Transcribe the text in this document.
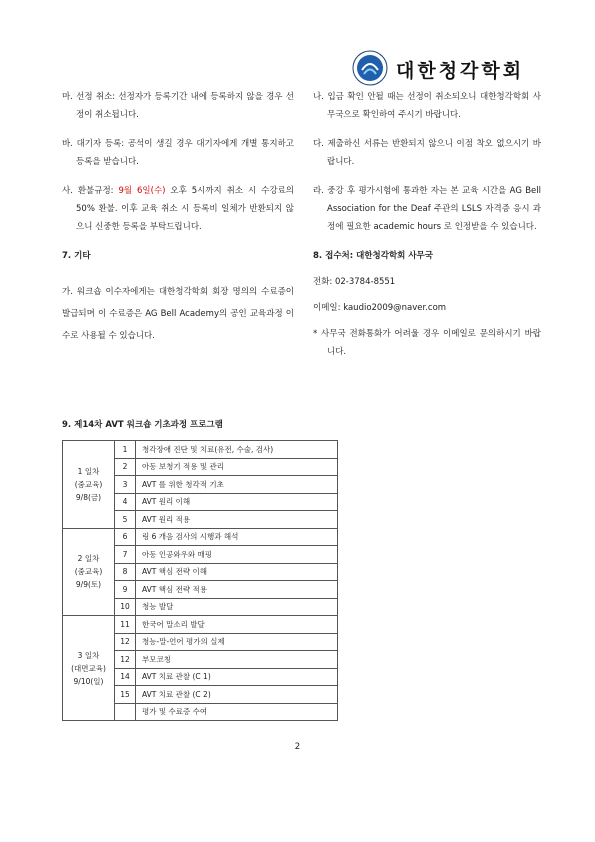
대한청각학회
마. 선정 취소: 선정자가 등록기간 내에 등록하지 않을 경우 선정이 취소됩니다.
바. 대기자 등록: 공석이 생길 경우 대기자에게 개별 통지하고 등록을 받습니다.
사. 환불규정: 9월 6일(수) 오후 5시까지 취소 시 수강료의 50% 환불. 이후 교육 취소 시 등록비 일체가 반환되지 않으니 신중한 등록을 부탁드립니다.
7. 기타
가. 워크숍 이수자에게는 대한청각학회 회장 명의의 수료증이 발급되며 이 수료증은 AG Bell Academy의 공인 교육과정 이수로 사용될 수 있습니다.
나. 입금 확인 안될 때는 선정이 취소되오니 대한청각학회 사무국으로 확인하여 주시기 바랍니다.
다. 제출하신 서류는 반환되지 않으니 이점 착오 없으시기 바랍니다.
라. 중강 후 평가시험에 통과한 자는 본 교육 시간을 AG Bell Association for the Deaf 주관의 LSLS 자격증 응시 과정에 필요한 academic hours 로 인정받을 수 있습니다.
8. 접수처: 대한청각학회 사무국
전화: 02-3784-8551
이메일: kaudio2009@naver.com
* 사무국 전화통화가 어려울 경우 이메일로 문의하시기 바랍니다.
9. 제14차 AVT 워크숍 기초과정 프로그램
1 일차
(줌교육)
9/8(금)	1	청각장애 진단 및 치료(유전, 수술, 검사)
	2	아동 보청기 적용 및 관리
	3	AVT 를 위한 청각적 기초
	4	AVT 원리 이해
	5	AVT 원리 적용

2 일차
(줌교육)
9/9(토)	6	링 6 개음 검사의 시행과 해석
	7	아동 인공와우와 매핑
	8	AVT 핵심 전략 이해
	9	AVT 핵심 전략 적용
	10	청능 발달

3 일차
(대면교육)
9/10(일)	11	한국어 말소리 발달
	12	청능-말-언어 평가의 실제
	12	부모코칭
	14	AVT 치료 관찰 (C 1)
	15	AVT 치료 관찰 (C 2)
		평가 및 수료증 수여
2
